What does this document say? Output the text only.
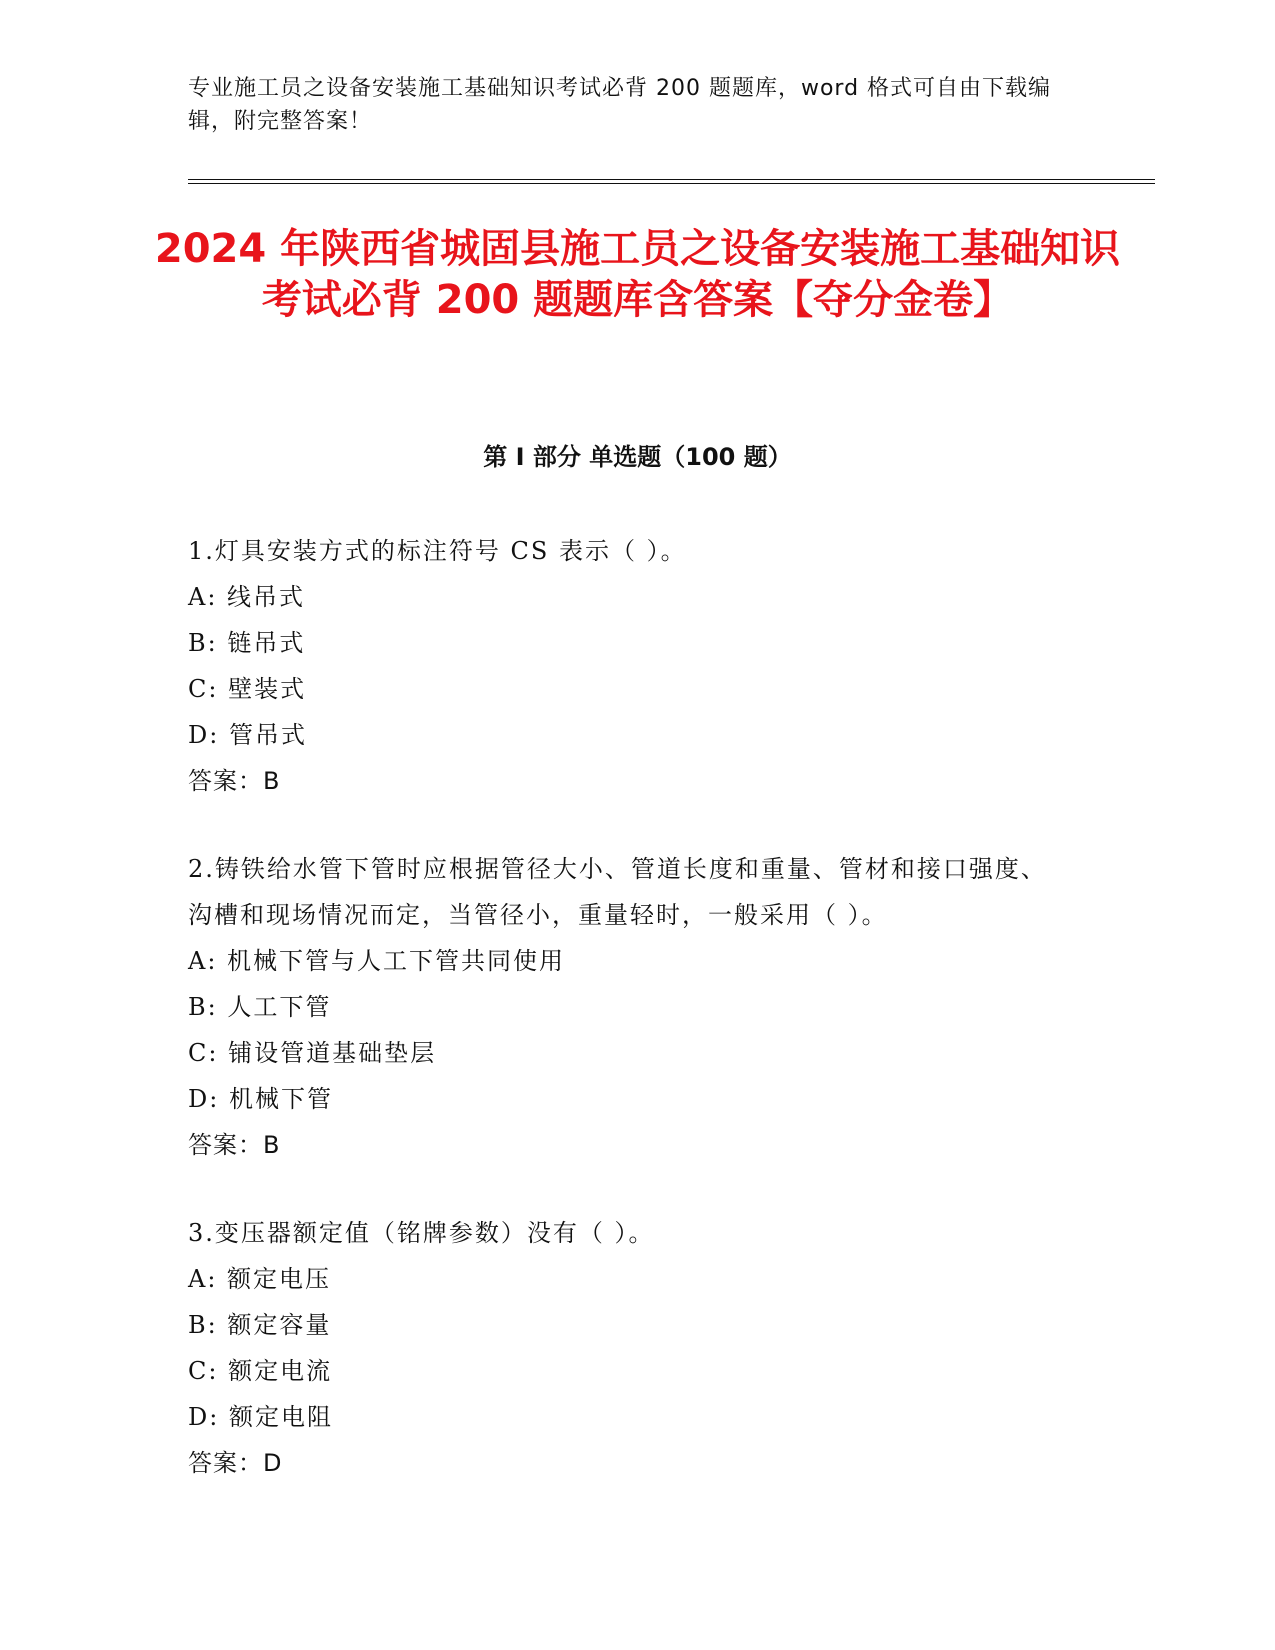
专业施工员之设备安装施工基础知识考试必背 200 题题库，word 格式可自由下载编辑，附完整答案！
2024 年陕西省城固县施工员之设备安装施工基础知识考试必背 200 题题库含答案【夺分金卷】
第 I 部分 单选题（100 题）
1.灯具安装方式的标注符号 CS 表示（ ）。
A: 线吊式
B: 链吊式
C: 壁装式
D: 管吊式
答案：B
2.铸铁给水管下管时应根据管径大小、管道长度和重量、管材和接口强度、沟槽和现场情况而定，当管径小，重量轻时，一般采用（ ）。
A: 机械下管与人工下管共同使用
B: 人工下管
C: 铺设管道基础垫层
D: 机械下管
答案：B
3.变压器额定值（铭牌参数）没有（ ）。
A: 额定电压
B: 额定容量
C: 额定电流
D: 额定电阻
答案：D
